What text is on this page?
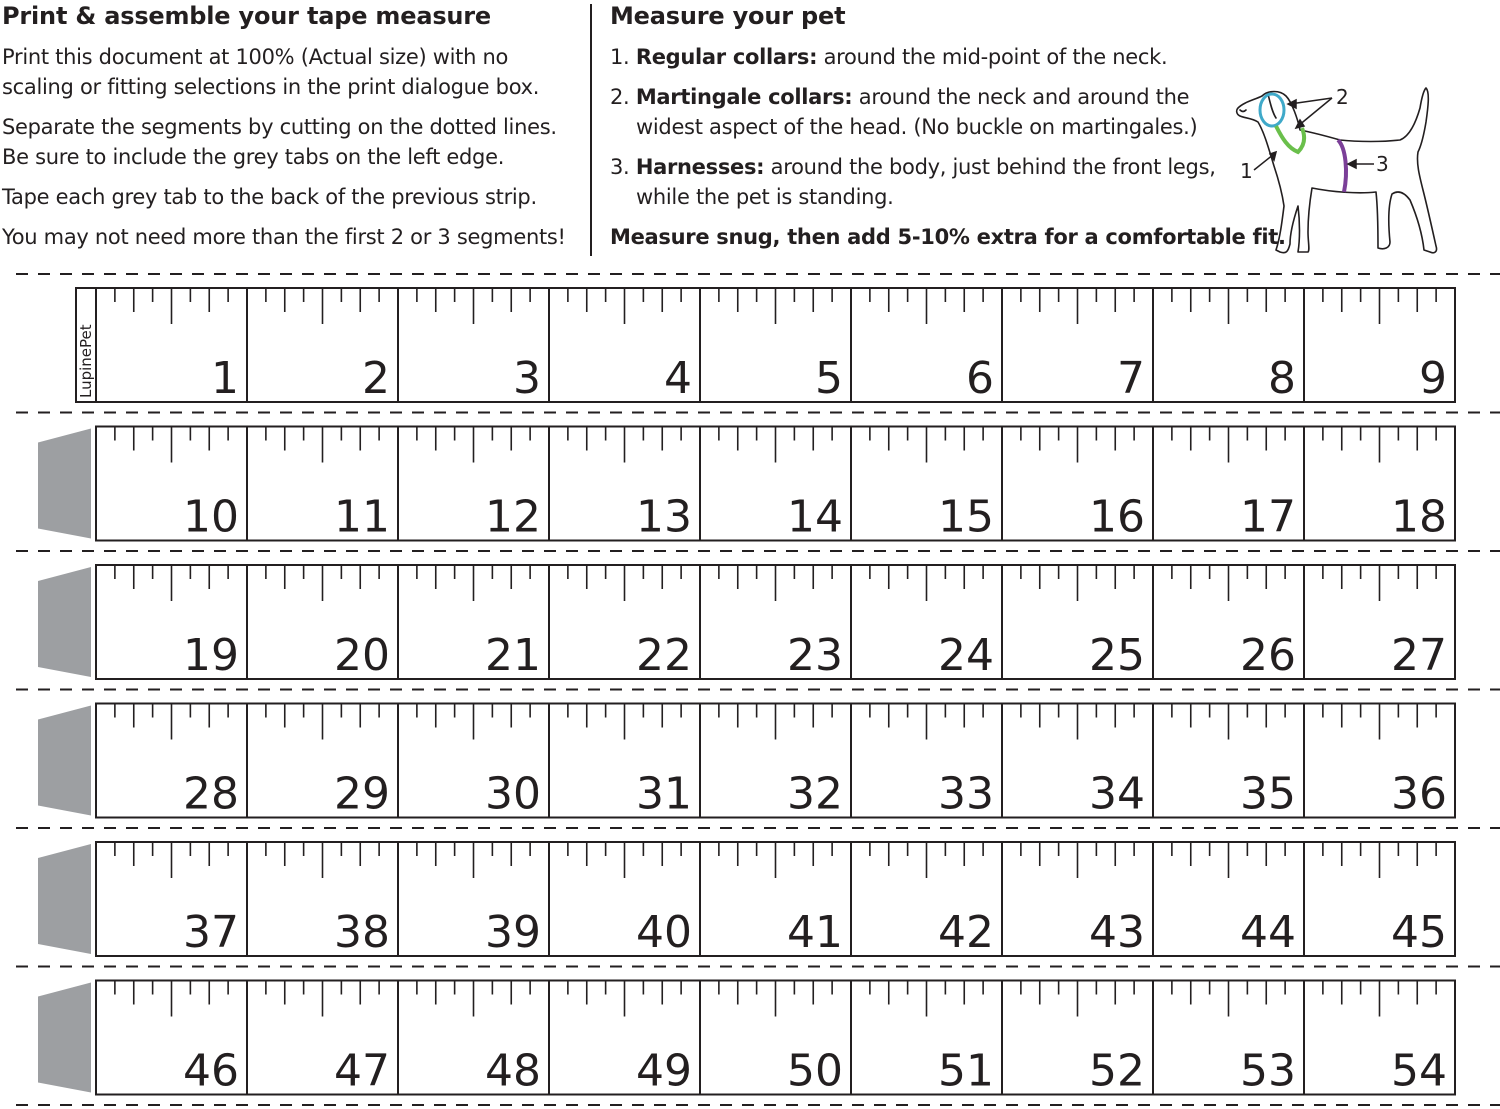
Print & assemble your tape measure
Print this document at 100% (Actual size) with no
scaling or fitting selections in the print dialogue box.
Separate the segments by cutting on the dotted lines.
Be sure to include the grey tabs on the left edge.
Tape each grey tab to the back of the previous strip.
You may not need more than the first 2 or 3 segments!
Measure your pet
1. Regular collars: around the mid-point of the neck.
2. Martingale collars: around the neck and around the
widest aspect of the head. (No buckle on martingales.)
3. Harnesses: around the body, just behind the front legs,
while the pet is standing.
Measure snug, then add 5-10% extra for a comfortable fit.
2
1	3
LupinePet	1	2	3	4	5	6	7	8	9
10 11 12 13 14 15 16 17 18
19 20 21 22 23 24 25 26 27
28 29 30 31 32 33 34 35 36
37 38 39 40 41 42 43 44 45
46 47 48 49 50 51 52 53 54
